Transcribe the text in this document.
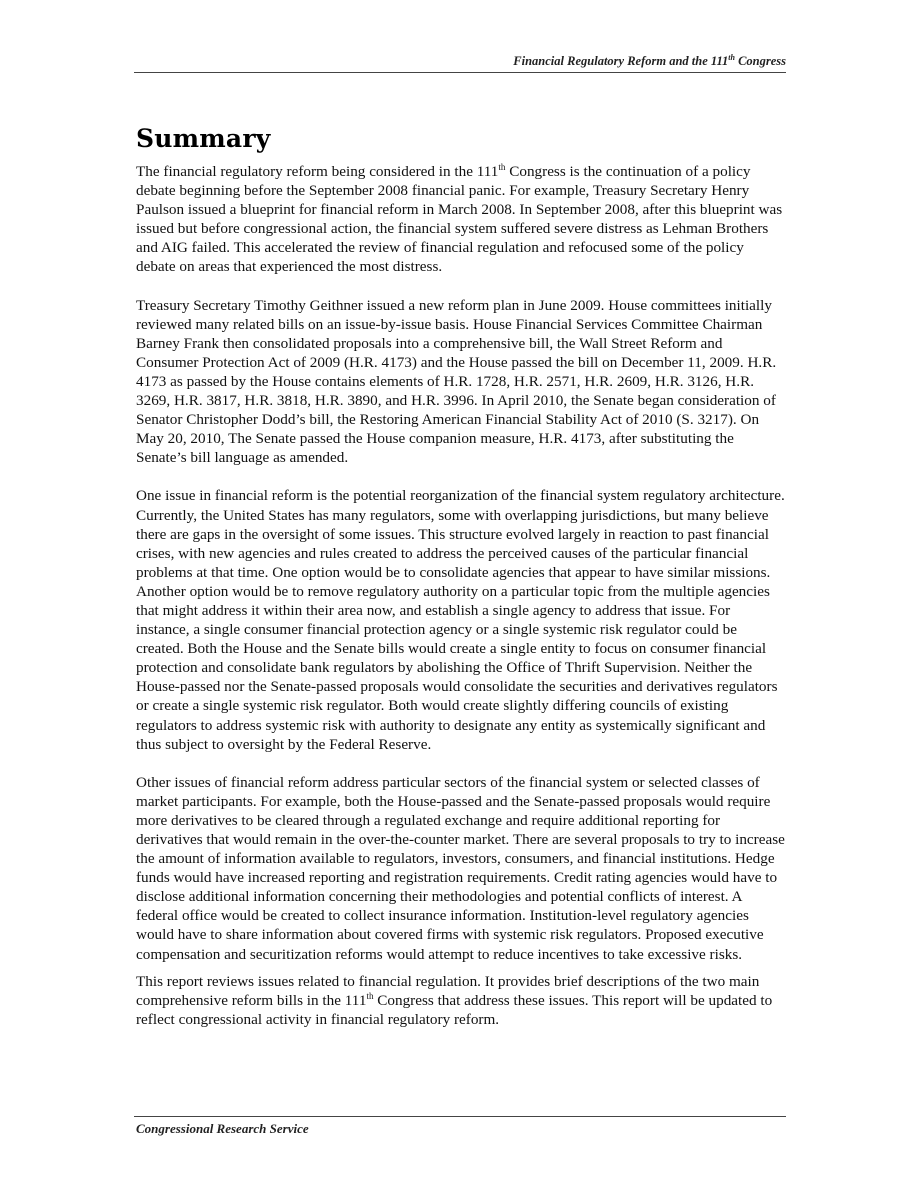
Financial Regulatory Reform and the 111th Congress
Summary

The financial regulatory reform being considered in the 111th Congress is the continuation of a policy debate beginning before the September 2008 financial panic. For example, Treasury Secretary Henry Paulson issued a blueprint for financial reform in March 2008. In September 2008, after this blueprint was issued but before congressional action, the financial system suffered severe distress as Lehman Brothers and AIG failed. This accelerated the review of financial regulation and refocused some of the policy debate on areas that experienced the most distress.

Treasury Secretary Timothy Geithner issued a new reform plan in June 2009. House committees initially reviewed many related bills on an issue-by-issue basis. House Financial Services Committee Chairman Barney Frank then consolidated proposals into a comprehensive bill, the Wall Street Reform and Consumer Protection Act of 2009 (H.R. 4173) and the House passed the bill on December 11, 2009. H.R. 4173 as passed by the House contains elements of H.R. 1728, H.R. 2571, H.R. 2609, H.R. 3126, H.R. 3269, H.R. 3817, H.R. 3818, H.R. 3890, and H.R. 3996. In April 2010, the Senate began consideration of Senator Christopher Dodd’s bill, the Restoring American Financial Stability Act of 2010 (S. 3217). On May 20, 2010, The Senate passed the House companion measure, H.R. 4173, after substituting the Senate’s bill language as amended.

One issue in financial reform is the potential reorganization of the financial system regulatory architecture. Currently, the United States has many regulators, some with overlapping jurisdictions, but many believe there are gaps in the oversight of some issues. This structure evolved largely in reaction to past financial crises, with new agencies and rules created to address the perceived causes of the particular financial problems at that time. One option would be to consolidate agencies that appear to have similar missions. Another option would be to remove regulatory authority on a particular topic from the multiple agencies that might address it within their area now, and establish a single agency to address that issue. For instance, a single consumer financial protection agency or a single systemic risk regulator could be created. Both the House and the Senate bills would create a single entity to focus on consumer financial protection and consolidate bank regulators by abolishing the Office of Thrift Supervision. Neither the House-passed nor the Senate-passed proposals would consolidate the securities and derivatives regulators or create a single systemic risk regulator. Both would create slightly differing councils of existing regulators to address systemic risk with authority to designate any entity as systemically significant and thus subject to oversight by the Federal Reserve.

Other issues of financial reform address particular sectors of the financial system or selected classes of market participants. For example, both the House-passed and the Senate-passed proposals would require more derivatives to be cleared through a regulated exchange and require additional reporting for derivatives that would remain in the over-the-counter market. There are several proposals to try to increase the amount of information available to regulators, investors, consumers, and financial institutions. Hedge funds would have increased reporting and registration requirements. Credit rating agencies would have to disclose additional information concerning their methodologies and potential conflicts of interest. A federal office would be created to collect insurance information. Institution-level regulatory agencies would have to share information about covered firms with systemic risk regulators. Proposed executive compensation and securitization reforms would attempt to reduce incentives to take excessive risks.

This report reviews issues related to financial regulation. It provides brief descriptions of the two main comprehensive reform bills in the 111th Congress that address these issues. This report will be updated to reflect congressional activity in financial regulatory reform.

Congressional Research Service
